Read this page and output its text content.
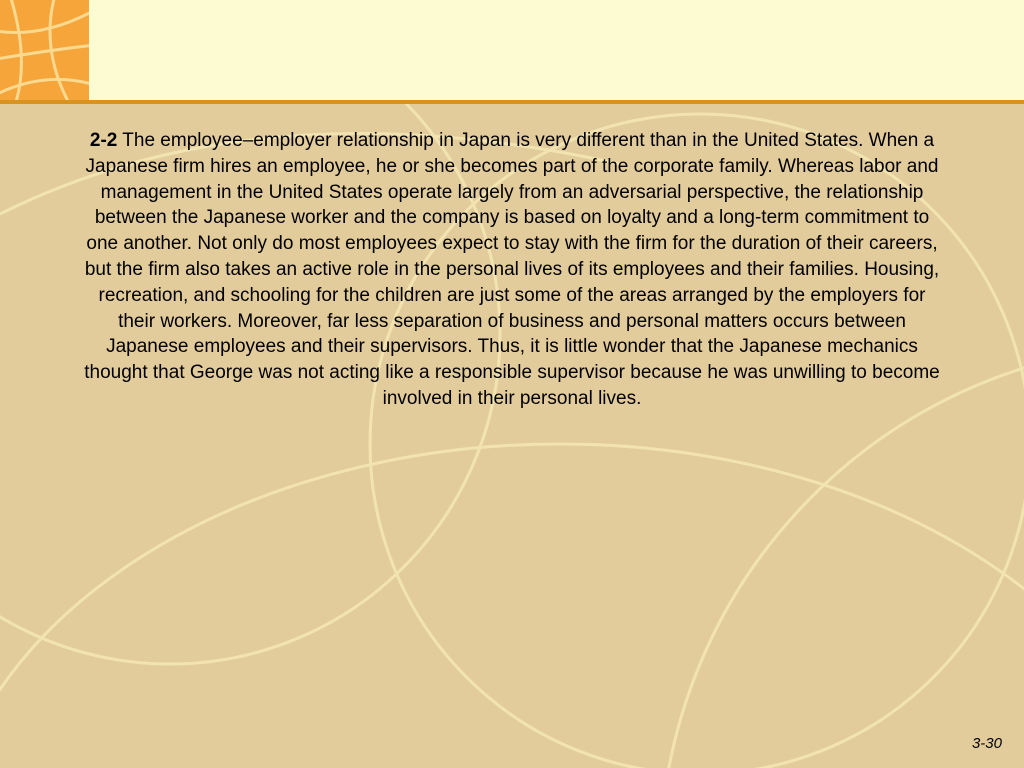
2-2 The employee–employer relationship in Japan is very different than in the United States. When a Japanese firm hires an employee, he or she becomes part of the corporate family. Whereas labor and management in the United States operate largely from an adversarial perspective, the relationship between the Japanese worker and the company is based on loyalty and a long-term commitment to one another. Not only do most employees expect to stay with the firm for the duration of their careers, but the firm also takes an active role in the personal lives of its employees and their families. Housing, recreation, and schooling for the children are just some of the areas arranged by the employers for their workers. Moreover, far less separation of business and personal matters occurs between Japanese employees and their supervisors. Thus, it is little wonder that the Japanese mechanics thought that George was not acting like a responsible supervisor because he was unwilling to become involved in their personal lives.
3-30
